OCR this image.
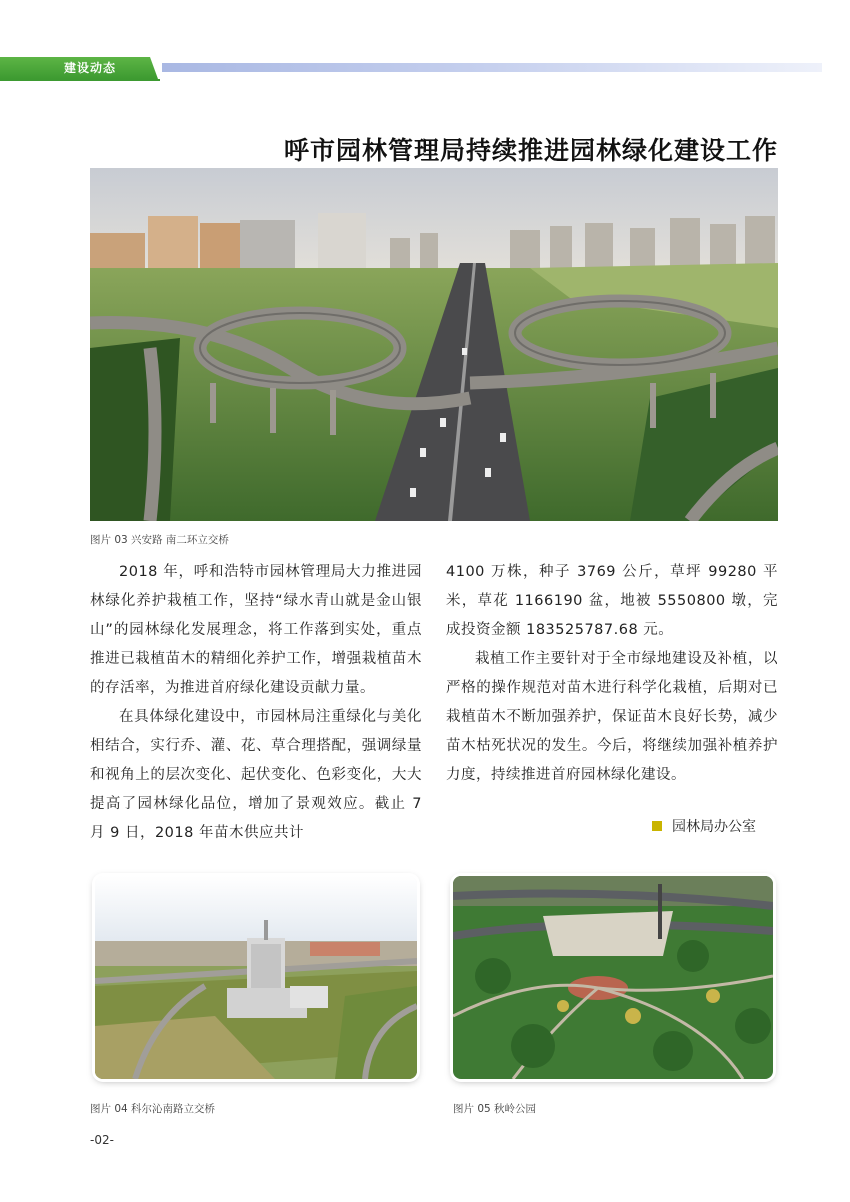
建设动态
呼市园林管理局持续推进园林绿化建设工作
图片 03 兴安路 南二环立交桥

2018 年，呼和浩特市园林管理局大力推进园林绿化养护栽植工作，坚持“绿水青山就是金山银山”的园林绿化发展理念，将工作落到实处，重点推进已栽植苗木的精细化养护工作，增强栽植苗木的存活率，为推进首府绿化建设贡献力量。

在具体绿化建设中，市园林局注重绿化与美化相结合，实行乔、灌、花、草合理搭配，强调绿量和视角上的层次变化、起伏变化、色彩变化，大大提高了园林绿化品位，增加了景观效应。截止 7 月 9 日，2018 年苗木供应共计

4100 万株，种子 3769 公斤，草坪 99280 平米，草花 1166190 盆，地被 5550800 墩，完成投资金额 183525787.68 元。

栽植工作主要针对于全市绿地建设及补植，以严格的操作规范对苗木进行科学化栽植，后期对已栽植苗木不断加强养护，保证苗木良好长势，减少苗木枯死状况的发生。今后，将继续加强补植养护力度，持续推进首府园林绿化建设。

园林局办公室
图片 04 科尔沁南路立交桥	图片 05 秋岭公园
-02-
